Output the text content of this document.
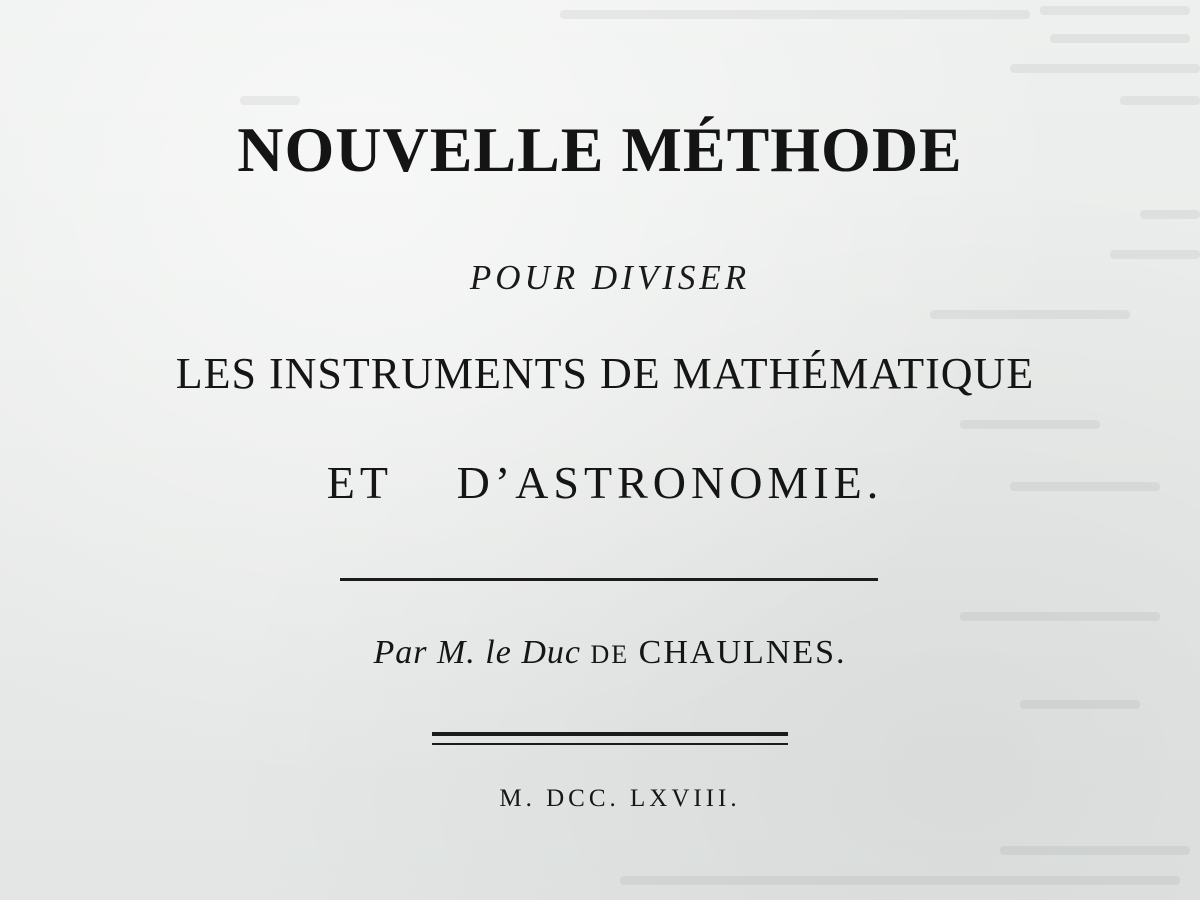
NOUVELLE MÉTHODE
POUR DIVISER
LES INSTRUMENTS DE MATHÉMATIQUE
ET D’ASTRONOMIE.
Par M. le Duc DE CHAULNES.
M. DCC. LXVIII.
